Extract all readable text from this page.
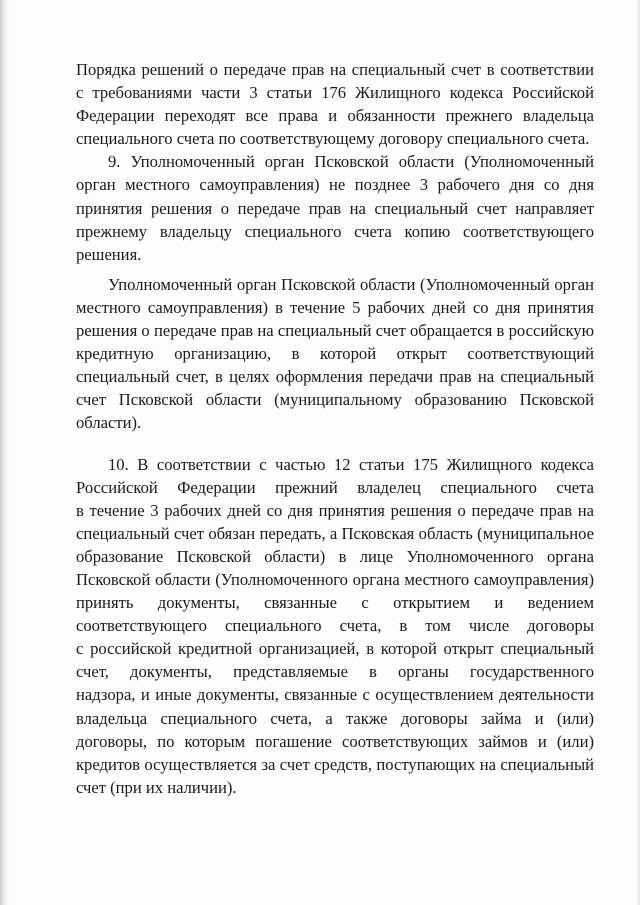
Порядка решений о передаче прав на специальный счет в соответствии
с требованиями части 3 статьи 176 Жилищного кодекса Российской
Федерации переходят все права и обязанности прежнего владельца
специального счета по соответствующему договору специального счета.
9. Уполномоченный орган Псковской области (Уполномоченный
орган местного самоуправления) не позднее 3 рабочего дня со дня
принятия решения о передаче прав на специальный счет направляет
прежнему владельцу специального счета копию соответствующего
решения.
Уполномоченный орган Псковской области (Уполномоченный орган
местного самоуправления) в течение 5 рабочих дней со дня принятия
решения о передаче прав на специальный счет обращается в российскую
кредитную организацию, в которой открыт соответствующий
специальный счет, в целях оформления передачи прав на специальный
счет Псковской области (муниципальному образованию Псковской
области).
10. В соответствии с частью 12 статьи 175 Жилищного кодекса
Российской Федерации прежний владелец специального счета
в течение 3 рабочих дней со дня принятия решения о передаче прав на
специальный счет обязан передать, а Псковская область (муниципальное
образование Псковской области) в лице Уполномоченного органа
Псковской области (Уполномоченного органа местного самоуправления)
принять документы, связанные с открытием и ведением
соответствующего специального счета, в том числе договоры
с российской кредитной организацией, в которой открыт специальный
счет, документы, представляемые в органы государственного
надзора, и иные документы, связанные с осуществлением деятельности
владельца специального счета, а также договоры займа и (или)
договоры, по которым погашение соответствующих займов и (или)
кредитов осуществляется за счет средств, поступающих на специальный
счет (при их наличии).
